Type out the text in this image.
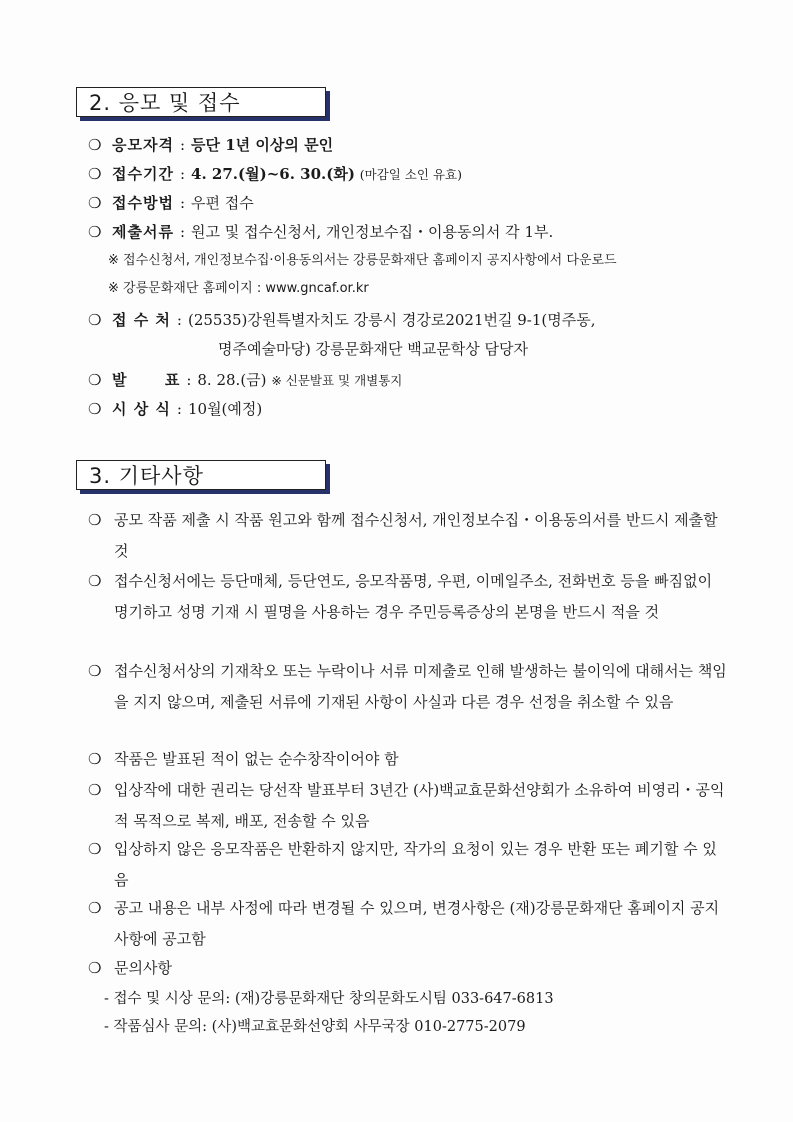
2. 응모 및 접수
❍ 응모자격 : 등단 1년 이상의 문인
❍ 접수기간 : 4. 27.(월)~6. 30.(화) (마감일 소인 유효)
❍ 접수방법 : 우편 접수
❍ 제출서류 : 원고 및 접수신청서, 개인정보수집・이용동의서 각 1부.
※ 접수신청서, 개인정보수집·이용동의서는 강릉문화재단 홈페이지 공지사항에서 다운로드
※ 강릉문화재단 홈페이지 : www.gncaf.or.kr
❍ 접 수 처 : (25535)강원특별자치도 강릉시 경강로2021번길 9-1(명주동,
명주예술마당) 강릉문화재단 백교문학상 담당자
❍ 발      표 : 8. 28.(금) ※ 신문발표 및 개별통지
❍ 시 상 식 : 10월(예정)
3. 기타사항
❍ 공모 작품 제출 시 작품 원고와 함께 접수신청서, 개인정보수집・이용동의서를 반드시 제출할 것
❍ 접수신청서에는 등단매체, 등단연도, 응모작품명, 우편, 이메일주소, 전화번호 등을 빠짐없이 명기하고 성명 기재 시 필명을 사용하는 경우 주민등록증상의 본명을 반드시 적을 것
❍ 접수신청서상의 기재착오 또는 누락이나 서류 미제출로 인해 발생하는 불이익에 대해서는 책임을 지지 않으며, 제출된 서류에 기재된 사항이 사실과 다른 경우 선정을 취소할 수 있음
❍ 작품은 발표된 적이 없는 순수창작이어야 함
❍ 입상작에 대한 권리는 당선작 발표부터 3년간 (사)백교효문화선양회가 소유하여 비영리・공익적 목적으로 복제, 배포, 전송할 수 있음
❍ 입상하지 않은 응모작품은 반환하지 않지만, 작가의 요청이 있는 경우 반환 또는 폐기할 수 있음
❍ 공고 내용은 내부 사정에 따라 변경될 수 있으며, 변경사항은 (재)강릉문화재단 홈페이지 공지사항에 공고함
❍ 문의사항
- 접수 및 시상 문의: (재)강릉문화재단 창의문화도시팀 033-647-6813
- 작품심사 문의: (사)백교효문화선양회 사무국장 010-2775-2079
